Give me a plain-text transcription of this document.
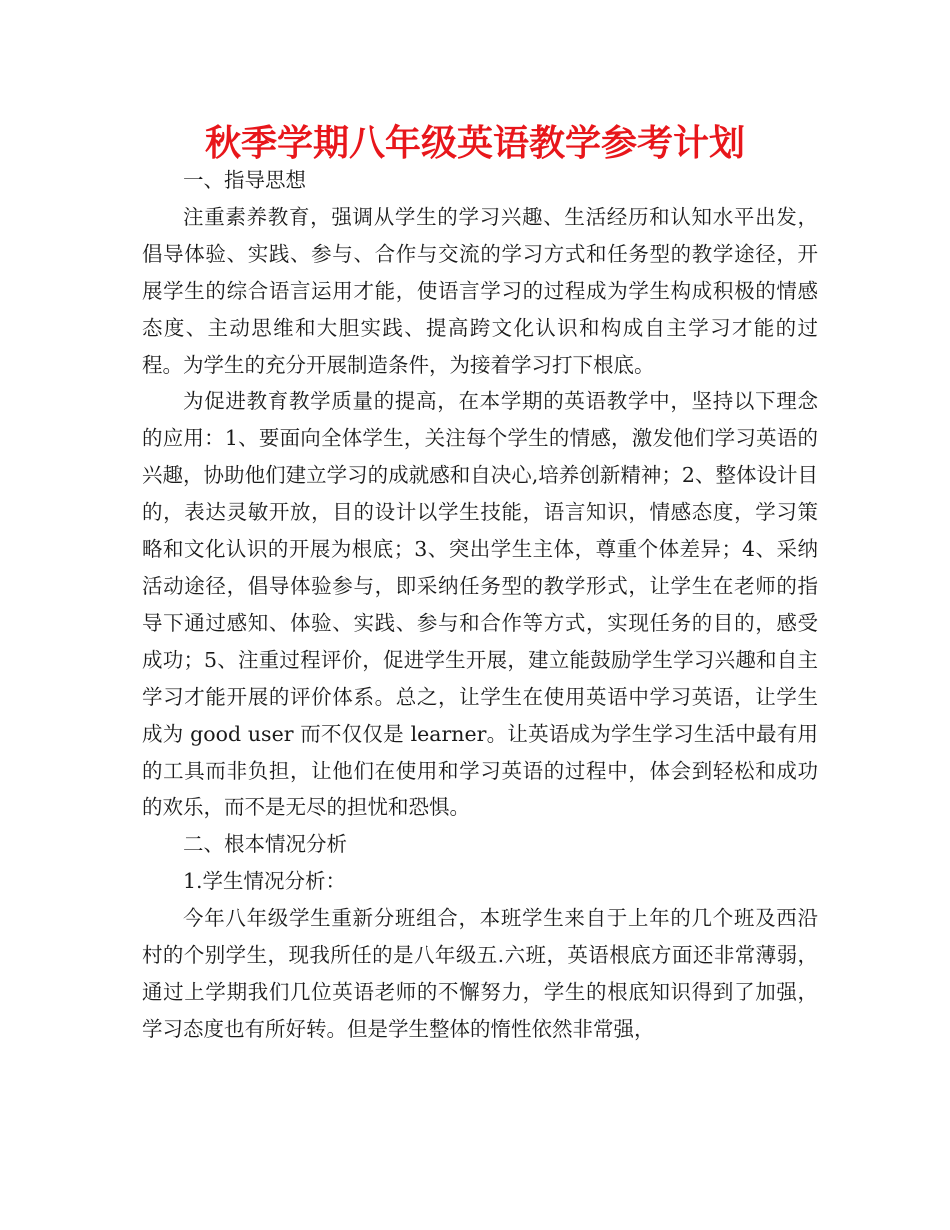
秋季学期八年级英语教学参考计划

一、指导思想

注重素养教育，强调从学生的学习兴趣、生活经历和认知水平出发，倡导体验、实践、参与、合作与交流的学习方式和任务型的教学途径，开展学生的综合语言运用才能，使语言学习的过程成为学生构成积极的情感态度、主动思维和大胆实践、提高跨文化认识和构成自主学习才能的过程。为学生的充分开展制造条件，为接着学习打下根底。

为促进教育教学质量的提高，在本学期的英语教学中，坚持以下理念的应用：1、要面向全体学生，关注每个学生的情感，激发他们学习英语的兴趣，协助他们建立学习的成就感和自决心,培养创新精神；2、整体设计目的，表达灵敏开放，目的设计以学生技能，语言知识，情感态度，学习策略和文化认识的开展为根底；3、突出学生主体，尊重个体差异；4、采纳活动途径，倡导体验参与，即采纳任务型的教学形式，让学生在老师的指导下通过感知、体验、实践、参与和合作等方式，实现任务的目的，感受成功；5、注重过程评价，促进学生开展，建立能鼓励学生学习兴趣和自主学习才能开展的评价体系。总之，让学生在使用英语中学习英语，让学生成为 good user 而不仅仅是 learner。让英语成为学生学习生活中最有用的工具而非负担，让他们在使用和学习英语的过程中，体会到轻松和成功的欢乐，而不是无尽的担忧和恐惧。

二、根本情况分析

1.学生情况分析：

今年八年级学生重新分班组合，本班学生来自于上年的几个班及西沿村的个别学生，现我所任的是八年级五.六班，英语根底方面还非常薄弱，通过上学期我们几位英语老师的不懈努力，学生的根底知识得到了加强，学习态度也有所好转。但是学生整体的惰性依然非常强，
